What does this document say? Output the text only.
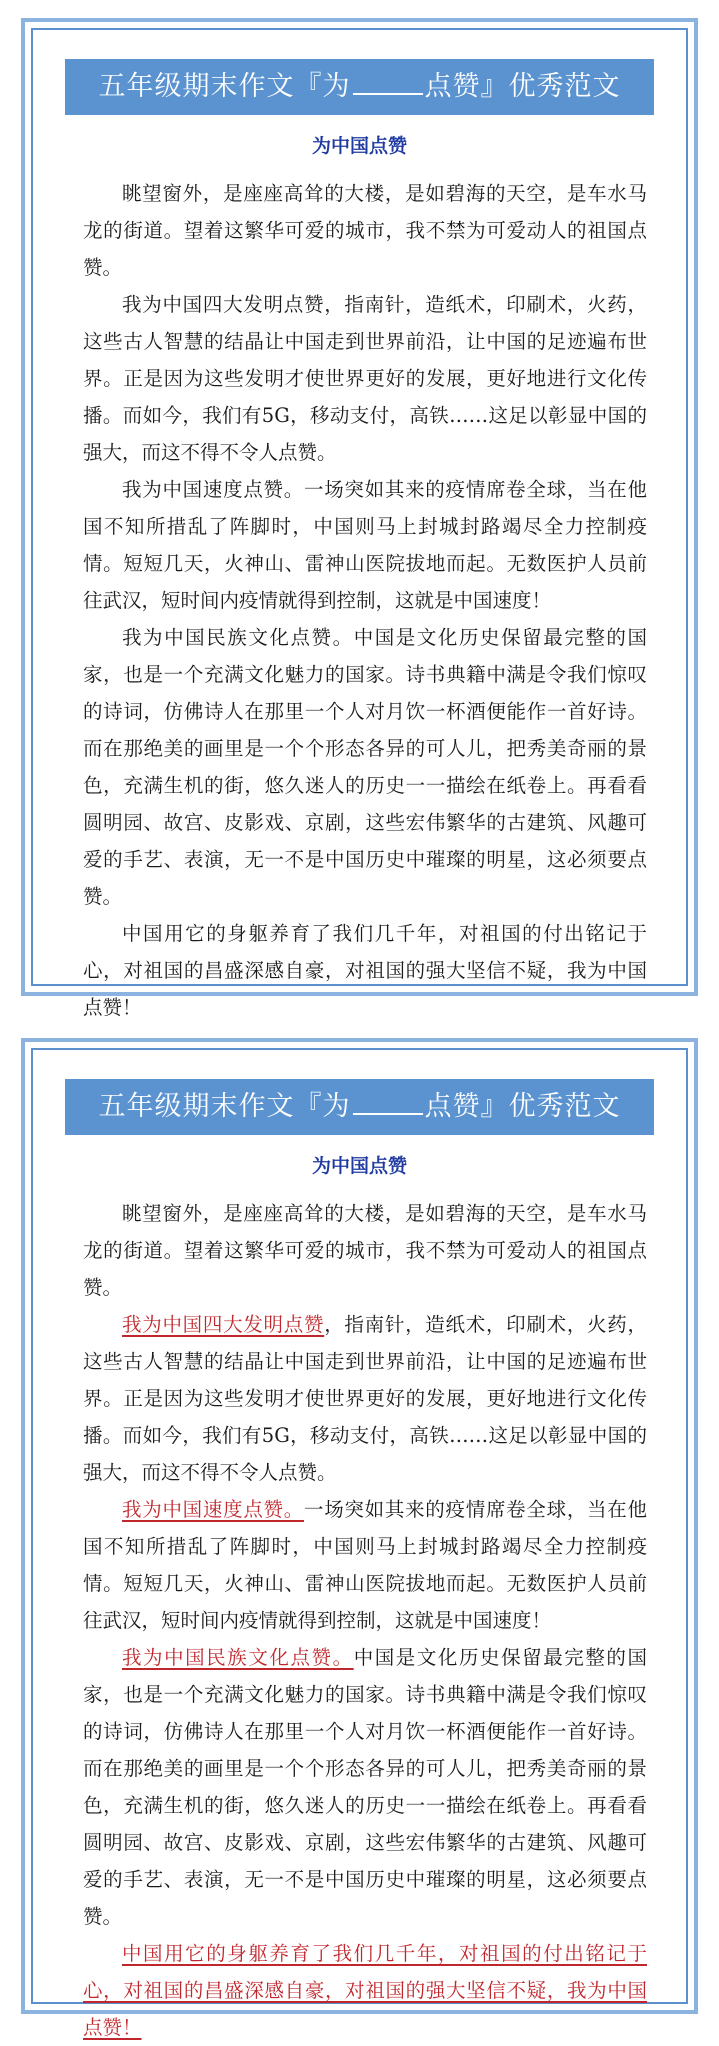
五年级期末作文『为	点赞』优秀范文
为中国点赞

眺望窗外，是座座高耸的大楼，是如碧海的天空，是车水马龙的街道。望着这繁华可爱的城市，我不禁为可爱动人的祖国点赞。

我为中国四大发明点赞，指南针，造纸术，印刷术，火药，这些古人智慧的结晶让中国走到世界前沿，让中国的足迹遍布世界。正是因为这些发明才使世界更好的发展，更好地进行文化传播。而如今，我们有5G，移动支付，高铁……这足以彰显中国的强大，而这不得不令人点赞。

我为中国速度点赞。一场突如其来的疫情席卷全球，当在他国不知所措乱了阵脚时，中国则马上封城封路竭尽全力控制疫情。短短几天，火神山、雷神山医院拔地而起。无数医护人员前往武汉，短时间内疫情就得到控制，这就是中国速度！

我为中国民族文化点赞。中国是文化历史保留最完整的国家，也是一个充满文化魅力的国家。诗书典籍中满是令我们惊叹的诗词，仿佛诗人在那里一个人对月饮一杯酒便能作一首好诗。而在那绝美的画里是一个个形态各异的可人儿，把秀美奇丽的景色，充满生机的街，悠久迷人的历史一一描绘在纸卷上。再看看圆明园、故宫、皮影戏、京剧，这些宏伟繁华的古建筑、风趣可爱的手艺、表演，无一不是中国历史中璀璨的明星，这必须要点赞。

中国用它的身躯养育了我们几千年，对祖国的付出铭记于心，对祖国的昌盛深感自豪，对祖国的强大坚信不疑，我为中国点赞！

五年级期末作文『为	点赞』优秀范文
为中国点赞

眺望窗外，是座座高耸的大楼，是如碧海的天空，是车水马龙的街道。望着这繁华可爱的城市，我不禁为可爱动人的祖国点赞。

我为中国四大发明点赞，指南针，造纸术，印刷术，火药，这些古人智慧的结晶让中国走到世界前沿，让中国的足迹遍布世界。正是因为这些发明才使世界更好的发展，更好地进行文化传播。而如今，我们有5G，移动支付，高铁……这足以彰显中国的强大，而这不得不令人点赞。

我为中国速度点赞。一场突如其来的疫情席卷全球，当在他国不知所措乱了阵脚时，中国则马上封城封路竭尽全力控制疫情。短短几天，火神山、雷神山医院拔地而起。无数医护人员前往武汉，短时间内疫情就得到控制，这就是中国速度！

我为中国民族文化点赞。中国是文化历史保留最完整的国家，也是一个充满文化魅力的国家。诗书典籍中满是令我们惊叹的诗词，仿佛诗人在那里一个人对月饮一杯酒便能作一首好诗。而在那绝美的画里是一个个形态各异的可人儿，把秀美奇丽的景色，充满生机的街，悠久迷人的历史一一描绘在纸卷上。再看看圆明园、故宫、皮影戏、京剧，这些宏伟繁华的古建筑、风趣可爱的手艺、表演，无一不是中国历史中璀璨的明星，这必须要点赞。

中国用它的身躯养育了我们几千年，对祖国的付出铭记于心，对祖国的昌盛深感自豪，对祖国的强大坚信不疑，我为中国点赞！
